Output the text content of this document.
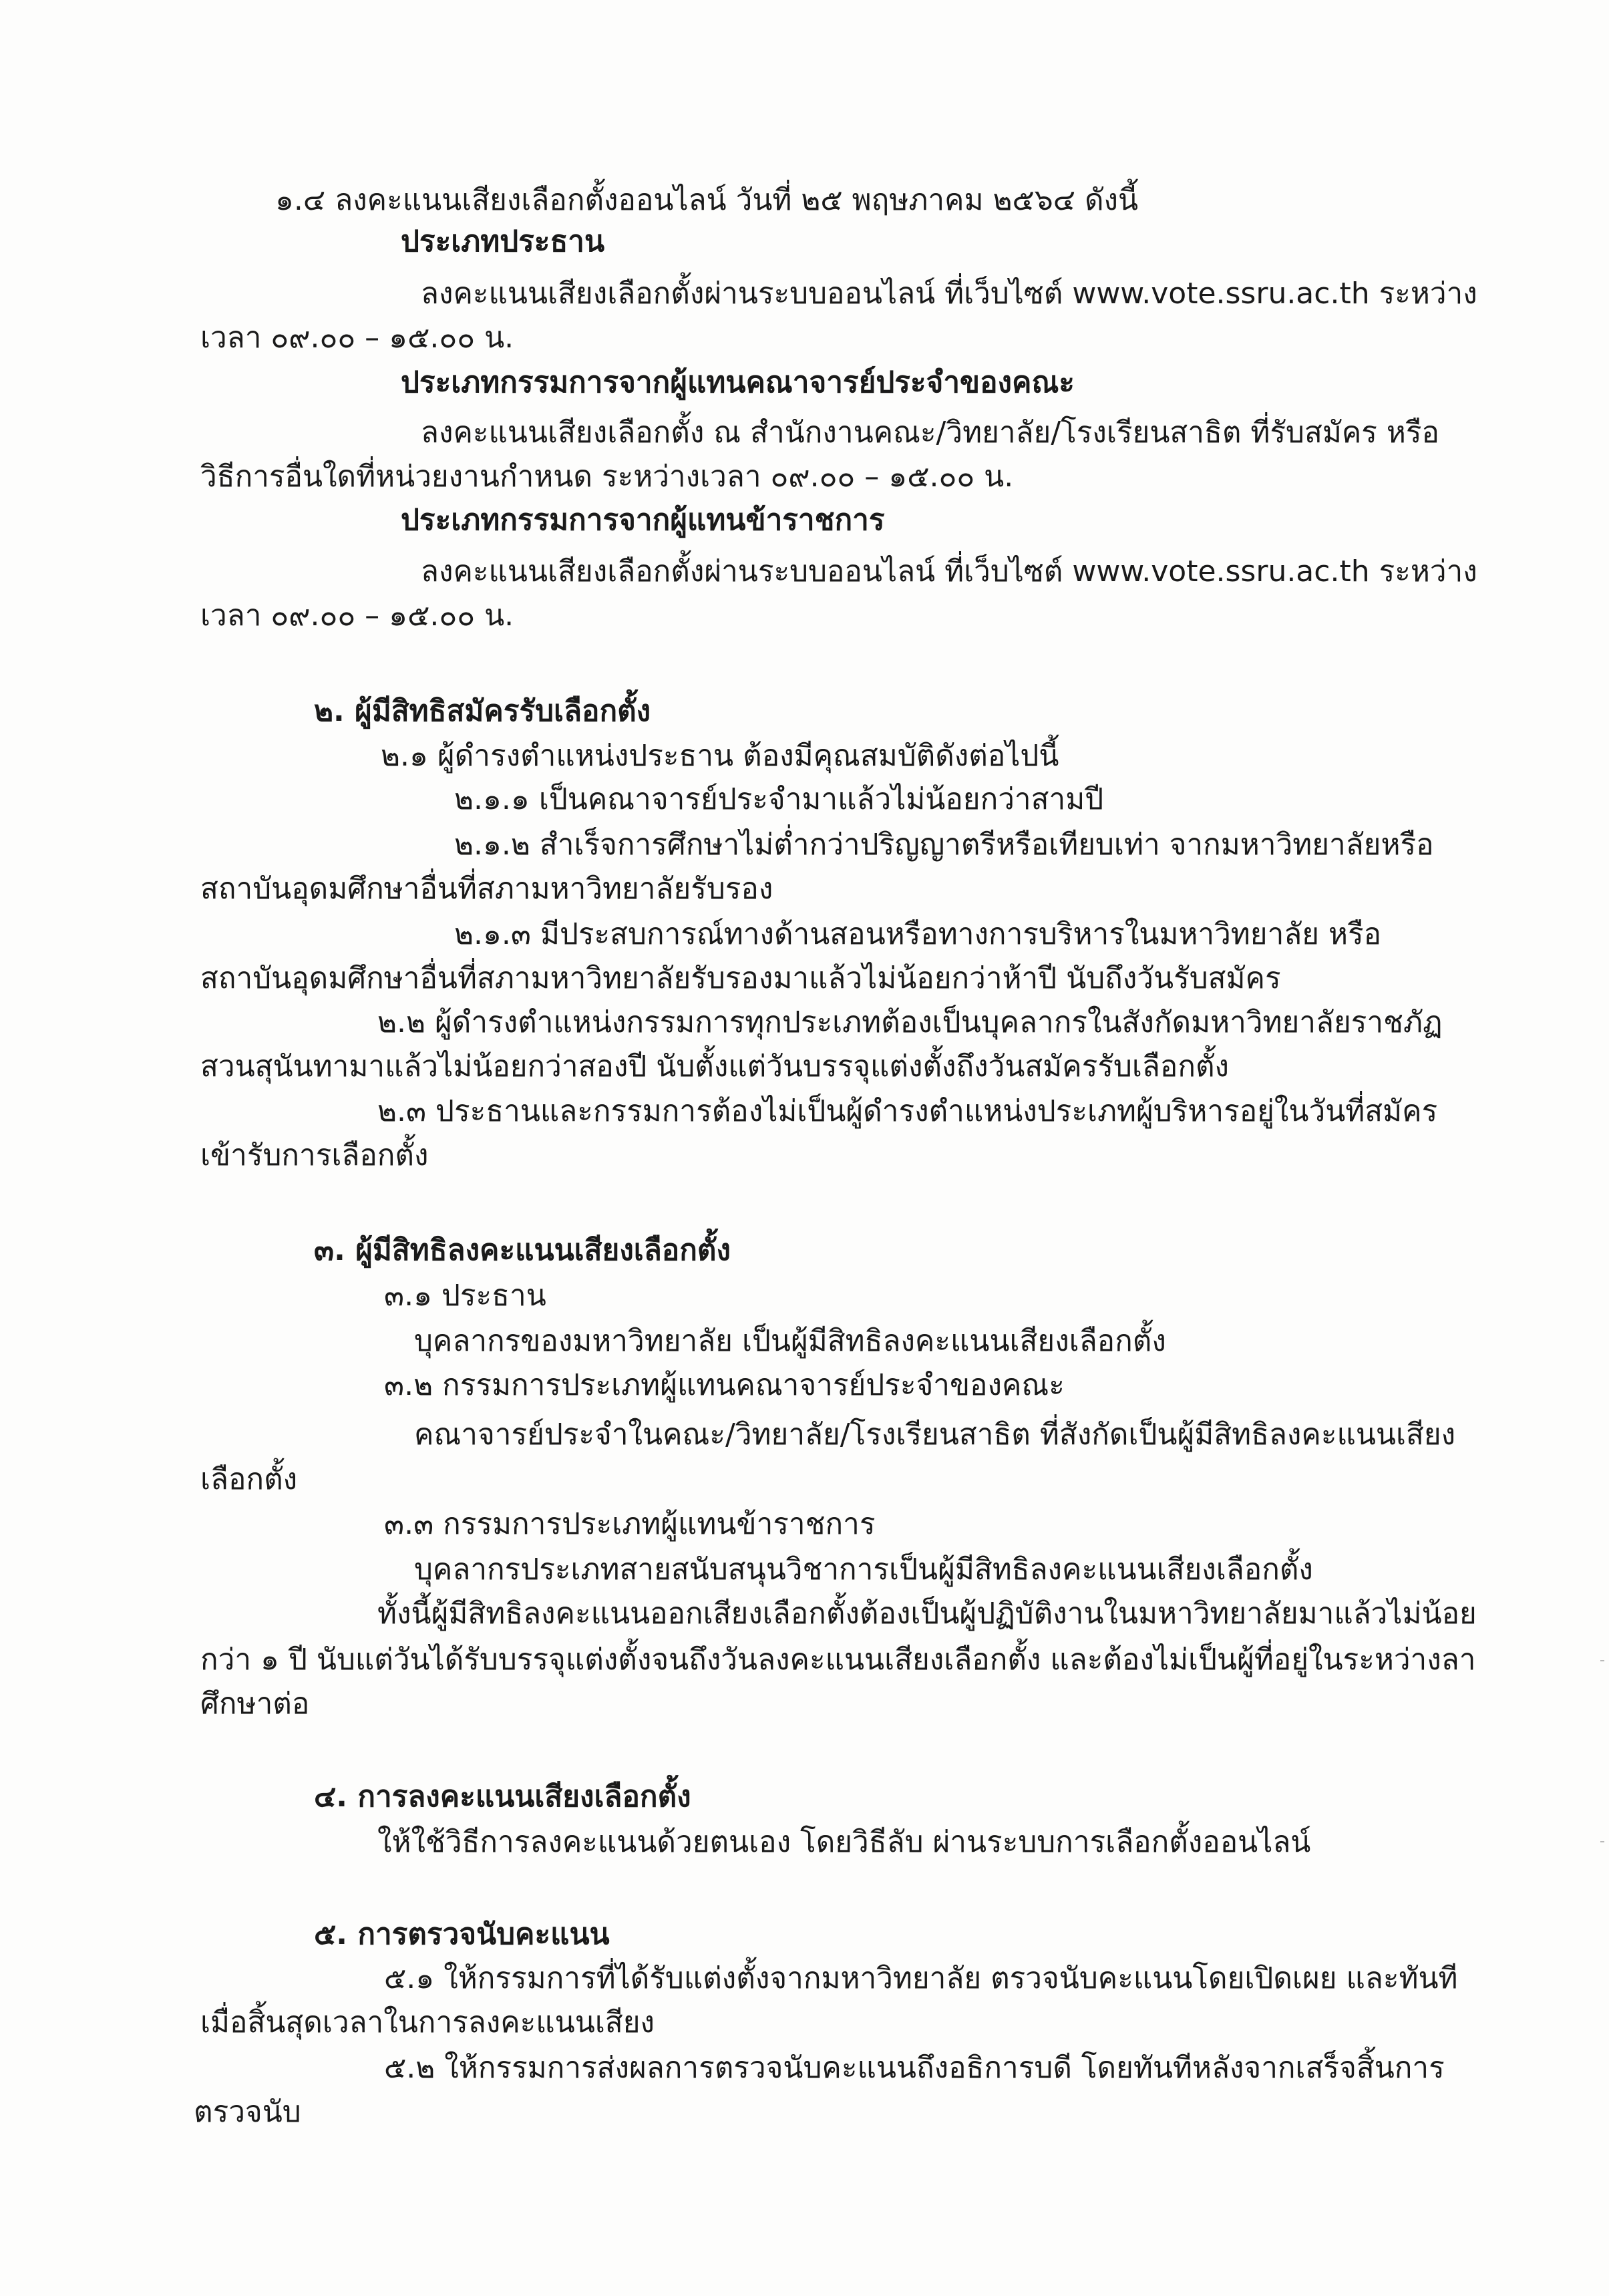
๑.๔ ลงคะแนนเสียงเลือกตั้งออนไลน์ วันที่ ๒๕ พฤษภาคม ๒๕๖๔ ดังนี้

ประเภทประธาน

ลงคะแนนเสียงเลือกตั้งผ่านระบบออนไลน์ ที่เว็บไซต์ www.vote.ssru.ac.th ระหว่าง

เวลา ๐๙.๐๐ – ๑๕.๐๐ น.

ประเภทกรรมการจากผู้แทนคณาจารย์ประจำของคณะ

ลงคะแนนเสียงเลือกตั้ง ณ สำนักงานคณะ/วิทยาลัย/โรงเรียนสาธิต ที่รับสมัคร หรือ

วิธีการอื่นใดที่หน่วยงานกำหนด ระหว่างเวลา ๐๙.๐๐ – ๑๕.๐๐ น.

ประเภทกรรมการจากผู้แทนข้าราชการ

ลงคะแนนเสียงเลือกตั้งผ่านระบบออนไลน์ ที่เว็บไซต์ www.vote.ssru.ac.th ระหว่าง

เวลา ๐๙.๐๐ – ๑๕.๐๐ น.

๒. ผู้มีสิทธิสมัครรับเลือกตั้ง

๒.๑ ผู้ดำรงตำแหน่งประธาน ต้องมีคุณสมบัติดังต่อไปนี้

๒.๑.๑ เป็นคณาจารย์ประจำมาแล้วไม่น้อยกว่าสามปี

๒.๑.๒ สำเร็จการศึกษาไม่ต่ำกว่าปริญญาตรีหรือเทียบเท่า จากมหาวิทยาลัยหรือ

สถาบันอุดมศึกษาอื่นที่สภามหาวิทยาลัยรับรอง

๒.๑.๓ มีประสบการณ์ทางด้านสอนหรือทางการบริหารในมหาวิทยาลัย หรือ

สถาบันอุดมศึกษาอื่นที่สภามหาวิทยาลัยรับรองมาแล้วไม่น้อยกว่าห้าปี นับถึงวันรับสมัคร

๒.๒ ผู้ดำรงตำแหน่งกรรมการทุกประเภทต้องเป็นบุคลากรในสังกัดมหาวิทยาลัยราชภัฏ

สวนสุนันทามาแล้วไม่น้อยกว่าสองปี นับตั้งแต่วันบรรจุแต่งตั้งถึงวันสมัครรับเลือกตั้ง

๒.๓ ประธานและกรรมการต้องไม่เป็นผู้ดำรงตำแหน่งประเภทผู้บริหารอยู่ในวันที่สมัคร

เข้ารับการเลือกตั้ง

๓. ผู้มีสิทธิลงคะแนนเสียงเลือกตั้ง

๓.๑ ประธาน

บุคลากรของมหาวิทยาลัย เป็นผู้มีสิทธิลงคะแนนเสียงเลือกตั้ง

๓.๒ กรรมการประเภทผู้แทนคณาจารย์ประจำของคณะ

คณาจารย์ประจำในคณะ/วิทยาลัย/โรงเรียนสาธิต ที่สังกัดเป็นผู้มีสิทธิลงคะแนนเสียง

เลือกตั้ง

๓.๓ กรรมการประเภทผู้แทนข้าราชการ

บุคลากรประเภทสายสนับสนุนวิชาการเป็นผู้มีสิทธิลงคะแนนเสียงเลือกตั้ง

ทั้งนี้ผู้มีสิทธิลงคะแนนออกเสียงเลือกตั้งต้องเป็นผู้ปฏิบัติงานในมหาวิทยาลัยมาแล้วไม่น้อย

กว่า ๑ ปี นับแต่วันได้รับบรรจุแต่งตั้งจนถึงวันลงคะแนนเสียงเลือกตั้ง และต้องไม่เป็นผู้ที่อยู่ในระหว่างลา

ศึกษาต่อ

๔. การลงคะแนนเสียงเลือกตั้ง

ให้ใช้วิธีการลงคะแนนด้วยตนเอง โดยวิธีลับ ผ่านระบบการเลือกตั้งออนไลน์

๕. การตรวจนับคะแนน

๕.๑ ให้กรรมการที่ได้รับแต่งตั้งจากมหาวิทยาลัย ตรวจนับคะแนนโดยเปิดเผย และทันที

เมื่อสิ้นสุดเวลาในการลงคะแนนเสียง

๕.๒ ให้กรรมการส่งผลการตรวจนับคะแนนถึงอธิการบดี โดยทันทีหลังจากเสร็จสิ้นการ

ตรวจนับ
